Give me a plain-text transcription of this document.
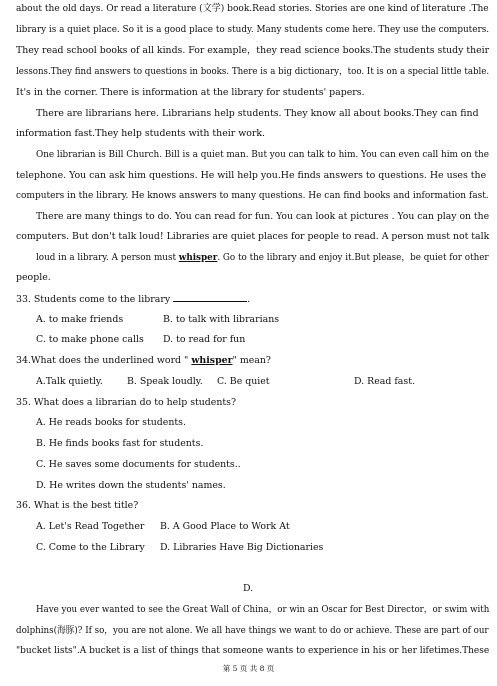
about the old days. Or read a literature (文学) book.Read stories. Stories are one kind of literature .The
library is a quiet place. So it is a good place to study. Many students come here. They use the computers.
They read school books of all kinds. For example，they read science books.The students study their
lessons.They find answers to questions in books. There is a big dictionary，too. It is on a special little table.
It's in the corner. There is information at the library for students' papers.
There are librarians here. Librarians help students. They know all about books.They can find
information fast.They help students with their work.
One librarian is Bill Church. Bill is a quiet man. But you can talk to him. You can even call him on the
telephone. You can ask him questions. He will help you.He finds answers to questions. He uses the
computers in the library. He knows answers to many questions. He can find books and information fast.
There are many things to do. You can read for fun. You can look at pictures . You can play on the
computers. But don't talk loud! Libraries are quiet places for people to read. A person must not talk
loud in a library. A person must whisper. Go to the library and enjoy it.But please，be quiet for other
people.
33. Students come to the library	.
A. to make friends	B. to talk with librarians
C. to make phone calls D. to read for fun
34.What does the underlined word " whisper" mean?
A.Talk quietly.	B. Speak loudly. C. Be quiet	D. Read fast.
35. What does a librarian do to help students?
A. He reads books for students.
B. He finds books fast for students.
C. He saves some documents for students..
D. He writes down the students' names.
36. What is the best title?
A. Let's Read Together B. A Good Place to Work At
C. Come to the Library D. Libraries Have Big Dictionaries
D.
Have you ever wanted to see the Great Wall of China，or win an Oscar for Best Director，or swim with
dolphins(海豚)? If so，you are not alone. We all have things we want to do or achieve. These are part of our
"bucket lists".A bucket is a list of things that someone wants to experience in his or her lifetimes.These
第 5 页 共 8 页
